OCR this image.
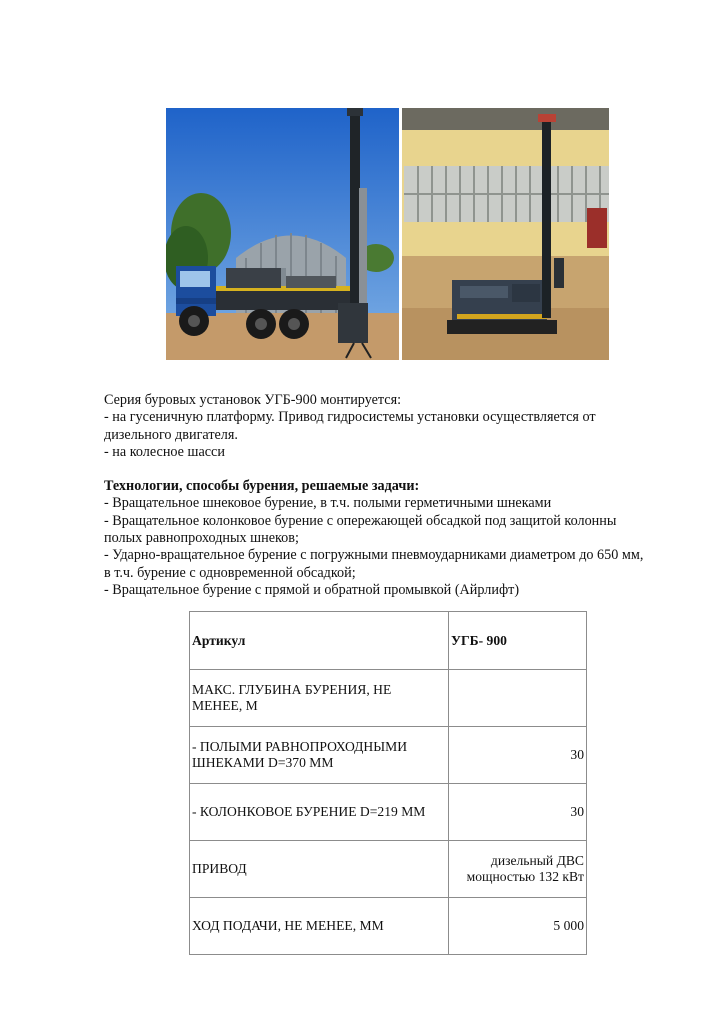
Серия буровых установок УГБ-900 монтируется:

- на гусеничную платформу. Привод гидросистемы установки осуществляется от

дизельного двигателя.

- на колесное шасси

Технологии, способы бурения, решаемые задачи:

- Вращательное шнековое бурение, в т.ч. полыми герметичными шнеками

- Вращательное колонковое бурение с опережающей обсадкой под защитой колонны

полых равнопроходных шнеков;

- Ударно-вращательное бурение с погружными пневмоударниками диаметром до 650 мм,

в т.ч. бурение с одновременной обсадкой;

- Вращательное бурение с прямой и обратной промывкой (Айрлифт)

Артикул	УГБ- 900
МАКС. ГЛУБИНА БУРЕНИЯ, НЕ
МЕНЕЕ, М	
- ПОЛЫМИ РАВНОПРОХОДНЫМИ
ШНЕКАМИ D=370 ММ	30
- КОЛОНКОВОЕ БУРЕНИЕ D=219 ММ	30
ПРИВОД	дизельный ДВС
мощностью 132 кВт
ХОД ПОДАЧИ, НЕ МЕНЕЕ, ММ	5 000
